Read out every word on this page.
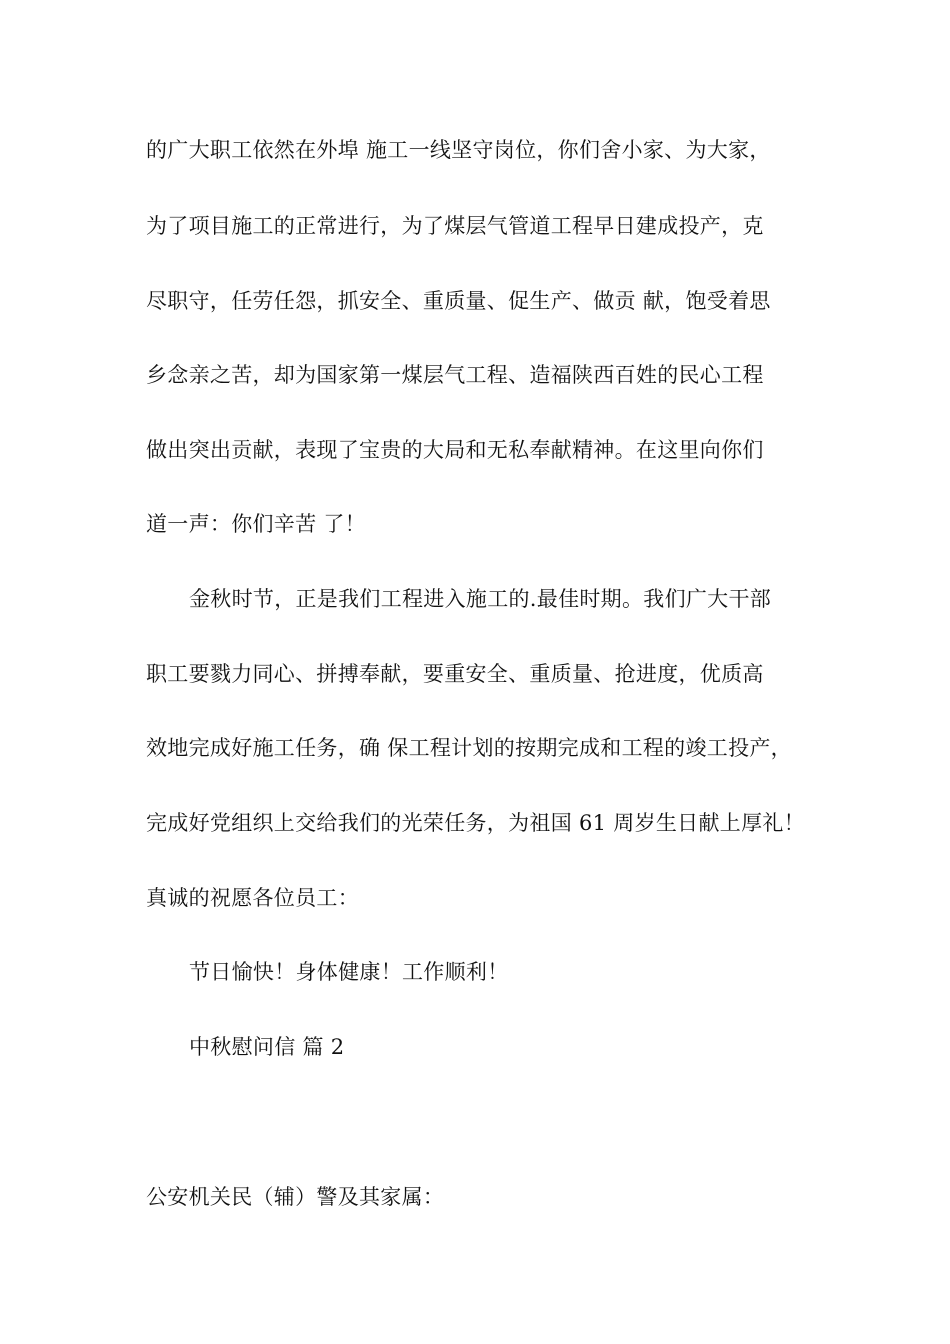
的广大职工依然在外埠 施工一线坚守岗位，你们舍小家、为大家，
为了项目施工的正常进行，为了煤层气管道工程早日建成投产，克
尽职守，任劳任怨，抓安全、重质量、促生产、做贡 献，饱受着思
乡念亲之苦，却为国家第一煤层气工程、造福陕西百姓的民心工程
做出突出贡献，表现了宝贵的大局和无私奉献精神。在这里向你们
道一声：你们辛苦 了！
金秋时节，正是我们工程进入施工的.最佳时期。我们广大干部
职工要戮力同心、拼搏奉献，要重安全、重质量、抢进度，优质高
效地完成好施工任务，确 保工程计划的按期完成和工程的竣工投产，
完成好党组织上交给我们的光荣任务，为祖国 61 周岁生日献上厚礼！
真诚的祝愿各位员工：
节日愉快！身体健康！工作顺利！
中秋慰问信 篇 2
公安机关民（辅）警及其家属：
